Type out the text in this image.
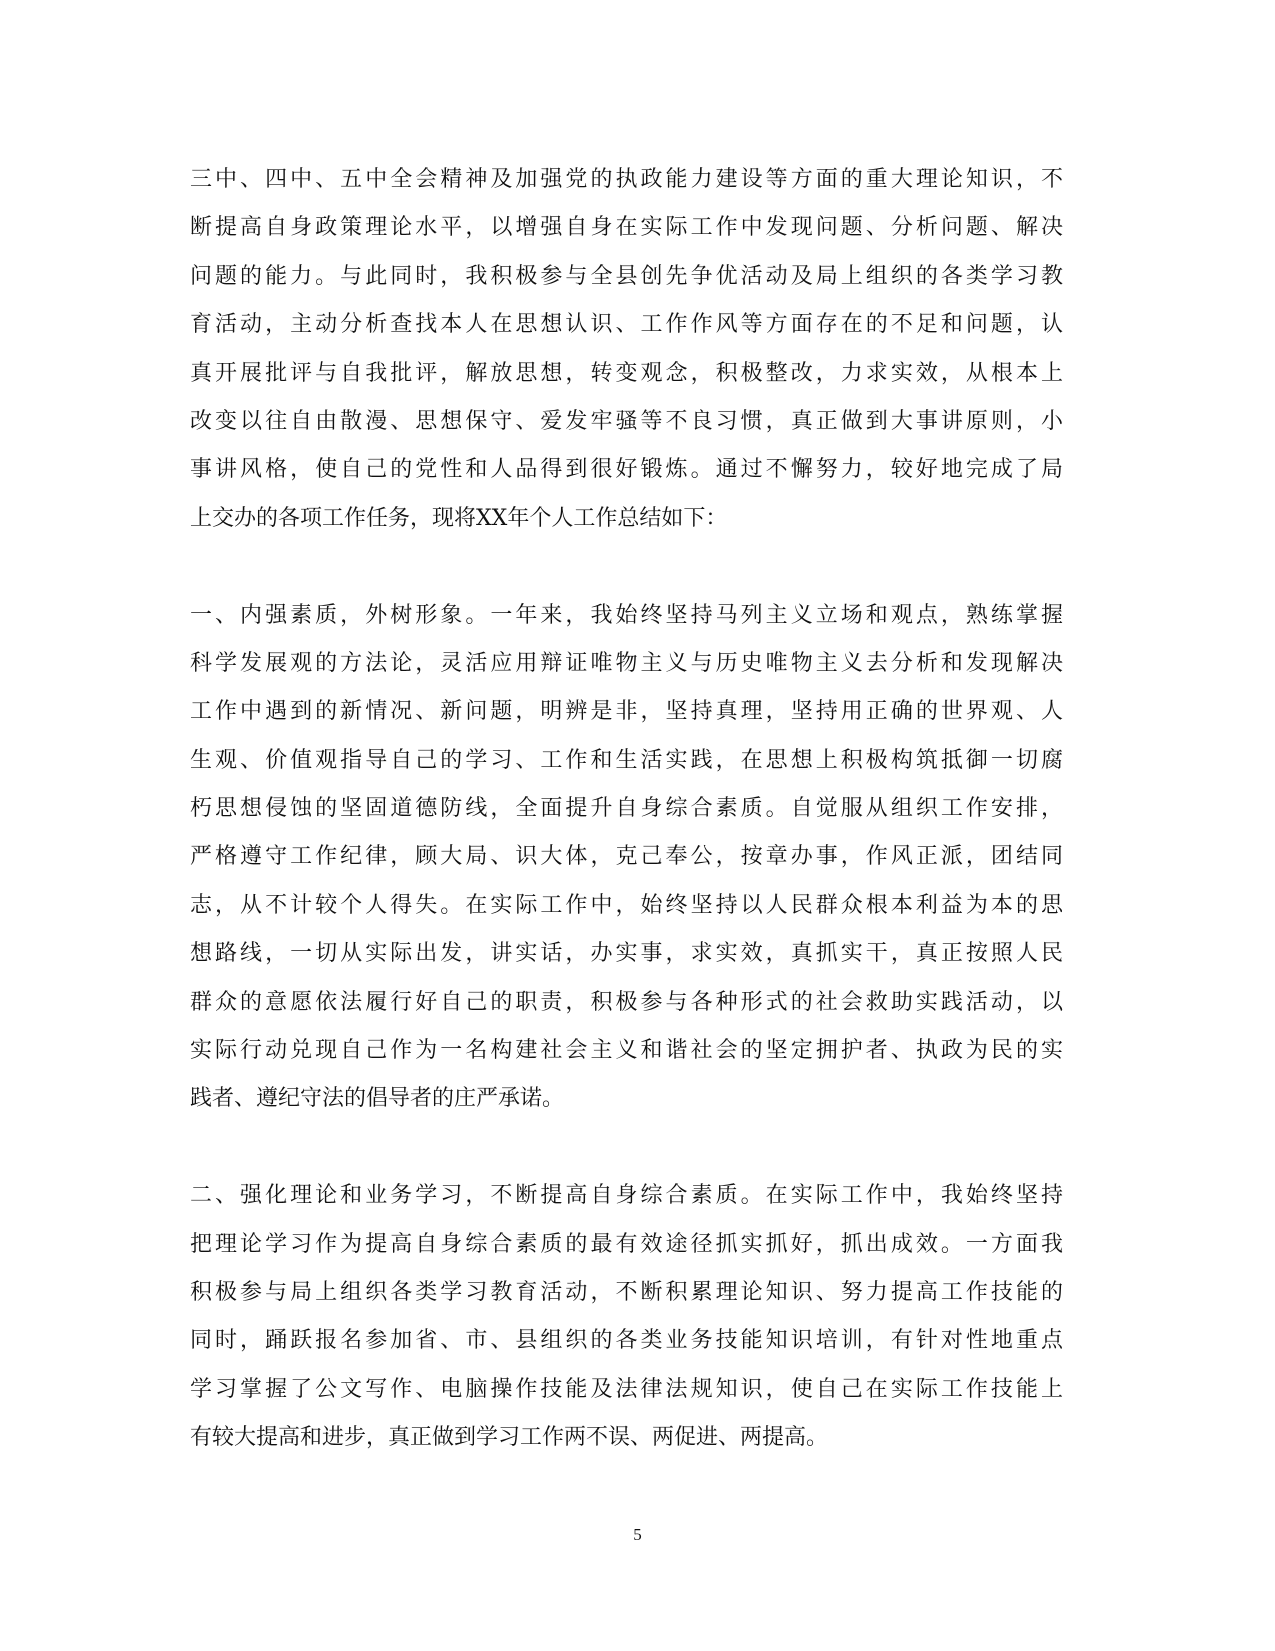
三中、四中、五中全会精神及加强党的执政能力建设等方面的重大理论知识，不
断提高自身政策理论水平，以增强自身在实际工作中发现问题、分析问题、解决
问题的能力。与此同时，我积极参与全县创先争优活动及局上组织的各类学习教
育活动，主动分析查找本人在思想认识、工作作风等方面存在的不足和问题，认
真开展批评与自我批评，解放思想，转变观念，积极整改，力求实效，从根本上
改变以往自由散漫、思想保守、爱发牢骚等不良习惯，真正做到大事讲原则，小
事讲风格，使自己的党性和人品得到很好锻炼。通过不懈努力，较好地完成了局
上交办的各项工作任务，现将XX年个人工作总结如下：
一、内强素质，外树形象。一年来，我始终坚持马列主义立场和观点，熟练掌握
科学发展观的方法论，灵活应用辩证唯物主义与历史唯物主义去分析和发现解决
工作中遇到的新情况、新问题，明辨是非，坚持真理，坚持用正确的世界观、人
生观、价值观指导自己的学习、工作和生活实践，在思想上积极构筑抵御一切腐
朽思想侵蚀的坚固道德防线，全面提升自身综合素质。自觉服从组织工作安排，
严格遵守工作纪律，顾大局、识大体，克己奉公，按章办事，作风正派，团结同
志，从不计较个人得失。在实际工作中，始终坚持以人民群众根本利益为本的思
想路线，一切从实际出发，讲实话，办实事，求实效，真抓实干，真正按照人民
群众的意愿依法履行好自己的职责，积极参与各种形式的社会救助实践活动，以
实际行动兑现自己作为一名构建社会主义和谐社会的坚定拥护者、执政为民的实
践者、遵纪守法的倡导者的庄严承诺。
二、强化理论和业务学习，不断提高自身综合素质。在实际工作中，我始终坚持
把理论学习作为提高自身综合素质的最有效途径抓实抓好，抓出成效。一方面我
积极参与局上组织各类学习教育活动，不断积累理论知识、努力提高工作技能的
同时，踊跃报名参加省、市、县组织的各类业务技能知识培训，有针对性地重点
学习掌握了公文写作、电脑操作技能及法律法规知识，使自己在实际工作技能上
有较大提高和进步，真正做到学习工作两不误、两促进、两提高。
5
